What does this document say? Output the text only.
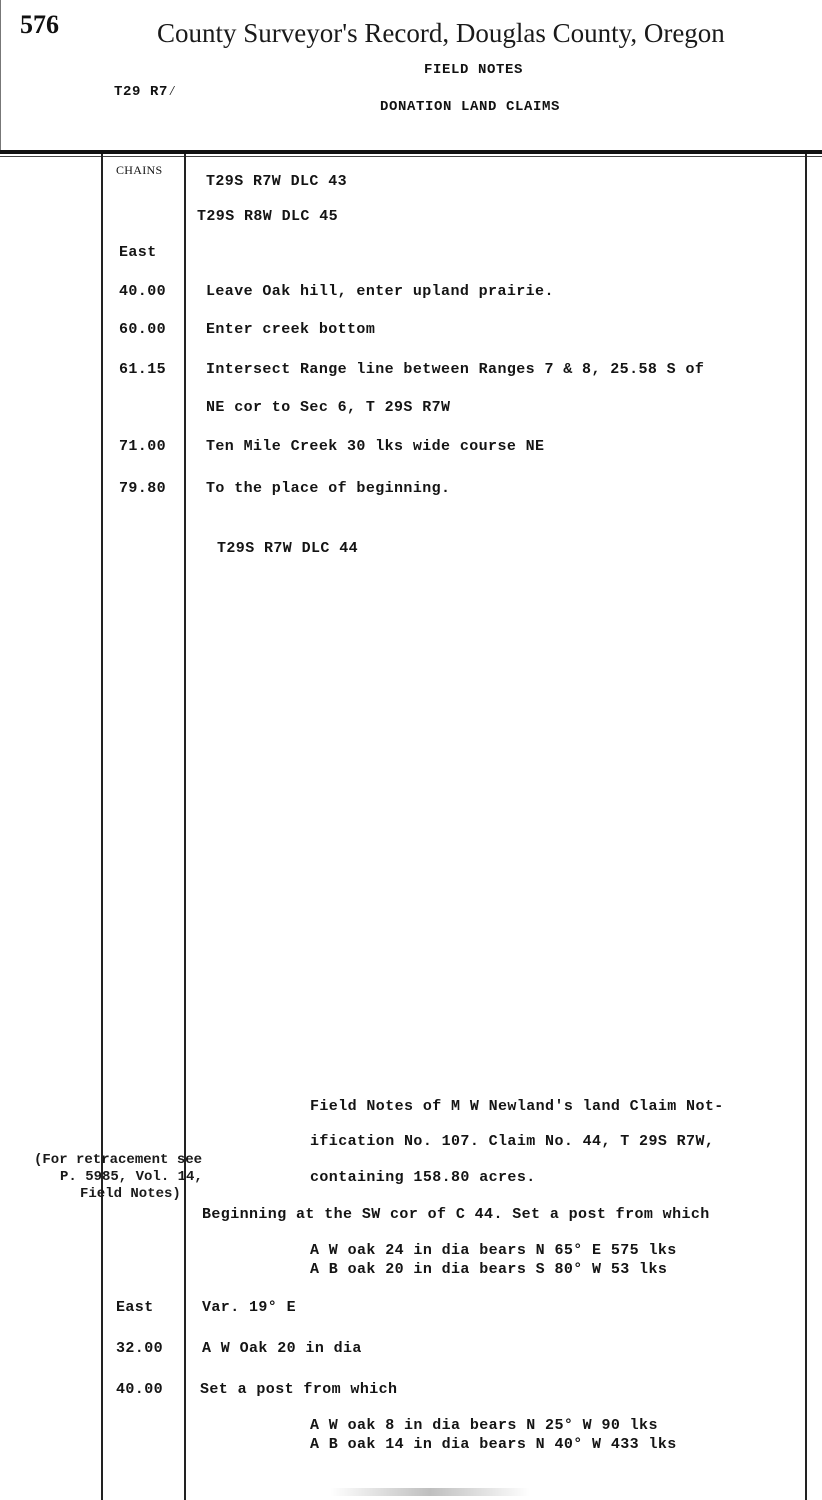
576	County Surveyor's Record, Douglas County, Oregon
FIELD NOTES
T29 R7⁄
DONATION LAND CLAIMS
CHAINS
T29S R7W DLC 43
T29S R8W DLC 45
East
40.00	Leave Oak hill, enter upland prairie.
60.00	Enter creek bottom
61.15	Intersect Range line between Ranges 7 & 8, 25.58 S of
NE cor to Sec 6, T 29S R7W
71.00	Ten Mile Creek 30 lks wide course NE
79.80	To the place of beginning.
T29S R7W DLC 44
Field Notes of M W Newland's land Claim Not-
ification No. 107. Claim No. 44, T 29S R7W,
containing 158.80 acres.
(For retracement see
P. 5985, Vol. 14,
Field Notes)
Beginning at the SW cor of C 44. Set a post from which
A W oak 24 in dia bears N 65° E 575 lks
A B oak 20 in dia bears S 80° W 53 lks
East	Var. 19° E
32.00	A W Oak 20 in dia
40.00 Set a post from which
A W oak 8 in dia bears N 25° W 90 lks
A B oak 14 in dia bears N 40° W 433 lks
